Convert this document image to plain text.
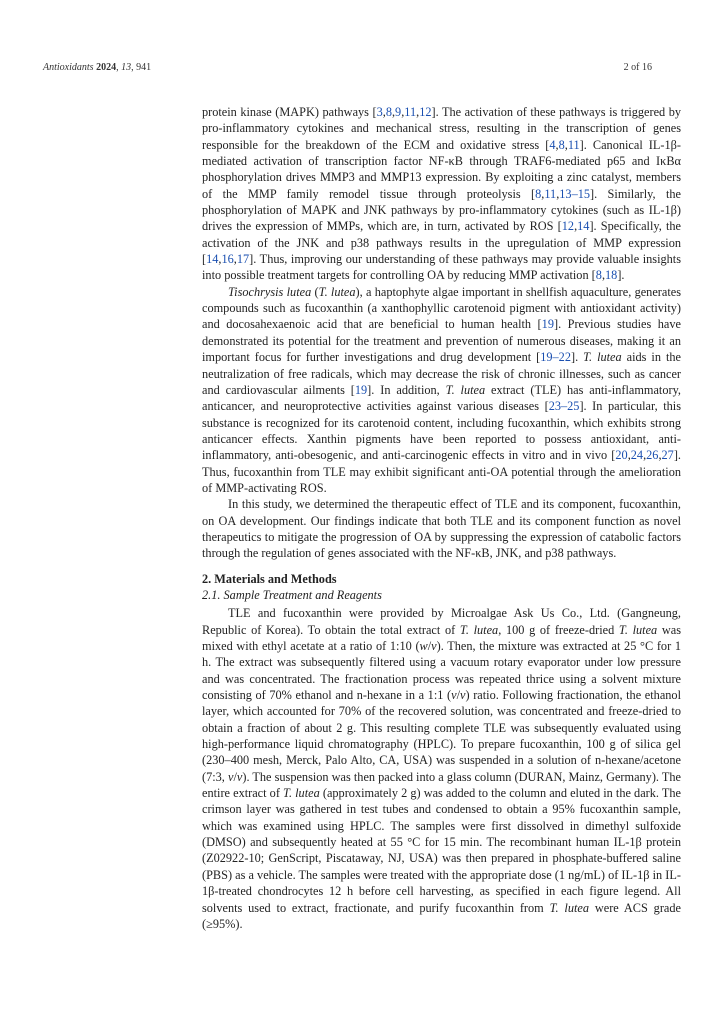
Antioxidants 2024, 13, 941	2 of 16

protein kinase (MAPK) pathways [3,8,9,11,12]. The activation of these pathways is triggered by pro-inflammatory cytokines and mechanical stress, resulting in the transcription of genes responsible for the breakdown of the ECM and oxidative stress [4,8,11]. Canonical IL-1β-mediated activation of transcription factor NF-κB through TRAF6-mediated p65 and IκBα phosphorylation drives MMP3 and MMP13 expression. By exploiting a zinc catalyst, members of the MMP family remodel tissue through proteolysis [8,11,13–15]. Similarly, the phosphorylation of MAPK and JNK pathways by pro-inflammatory cytokines (such as IL-1β) drives the expression of MMPs, which are, in turn, activated by ROS [12,14]. Specifically, the activation of the JNK and p38 pathways results in the upregulation of MMP expression [14,16,17]. Thus, improving our understanding of these pathways may provide valuable insights into possible treatment targets for controlling OA by reducing MMP activation [8,18].

Tisochrysis lutea (T. lutea), a haptophyte algae important in shellfish aquaculture, generates compounds such as fucoxanthin (a xanthophyllic carotenoid pigment with antioxidant activity) and docosahexaenoic acid that are beneficial to human health [19]. Previous studies have demonstrated its potential for the treatment and prevention of numerous diseases, making it an important focus for further investigations and drug development [19–22]. T. lutea aids in the neutralization of free radicals, which may decrease the risk of chronic illnesses, such as cancer and cardiovascular ailments [19]. In addition, T. lutea extract (TLE) has anti-inflammatory, anticancer, and neuroprotective activities against various diseases [23–25]. In particular, this substance is recognized for its carotenoid content, including fucoxanthin, which exhibits strong anticancer effects. Xanthin pigments have been reported to possess antioxidant, anti-inflammatory, anti-obesogenic, and anti-carcinogenic effects in vitro and in vivo [20,24,26,27]. Thus, fucoxanthin from TLE may exhibit significant anti-OA potential through the amelioration of MMP-activating ROS.

In this study, we determined the therapeutic effect of TLE and its component, fucoxanthin, on OA development. Our findings indicate that both TLE and its component function as novel therapeutics to mitigate the progression of OA by suppressing the expression of catabolic factors through the regulation of genes associated with the NF-κB, JNK, and p38 pathways.

2. Materials and Methods

2.1. Sample Treatment and Reagents

TLE and fucoxanthin were provided by Microalgae Ask Us Co., Ltd. (Gangneung, Republic of Korea). To obtain the total extract of T. lutea, 100 g of freeze-dried T. lutea was mixed with ethyl acetate at a ratio of 1:10 (w/v). Then, the mixture was extracted at 25 °C for 1 h. The extract was subsequently filtered using a vacuum rotary evaporator under low pressure and was concentrated. The fractionation process was repeated thrice using a solvent mixture consisting of 70% ethanol and n-hexane in a 1:1 (v/v) ratio. Following fractionation, the ethanol layer, which accounted for 70% of the recovered solution, was concentrated and freeze-dried to obtain a fraction of about 2 g. This resulting complete TLE was subsequently evaluated using high-performance liquid chromatography (HPLC). To prepare fucoxanthin, 100 g of silica gel (230–400 mesh, Merck, Palo Alto, CA, USA) was suspended in a solution of n-hexane/acetone (7:3, v/v). The suspension was then packed into a glass column (DURAN, Mainz, Germany). The entire extract of T. lutea (approximately 2 g) was added to the column and eluted in the dark. The crimson layer was gathered in test tubes and condensed to obtain a 95% fucoxanthin sample, which was examined using HPLC. The samples were first dissolved in dimethyl sulfoxide (DMSO) and subsequently heated at 55 °C for 15 min. The recombinant human IL-1β protein (Z02922-10; GenScript, Piscataway, NJ, USA) was then prepared in phosphate-buffered saline (PBS) as a vehicle. The samples were treated with the appropriate dose (1 ng/mL) of IL-1β in IL-1β-treated chondrocytes 12 h before cell harvesting, as specified in each figure legend. All solvents used to extract, fractionate, and purify fucoxanthin from T. lutea were ACS grade (≥95%).
